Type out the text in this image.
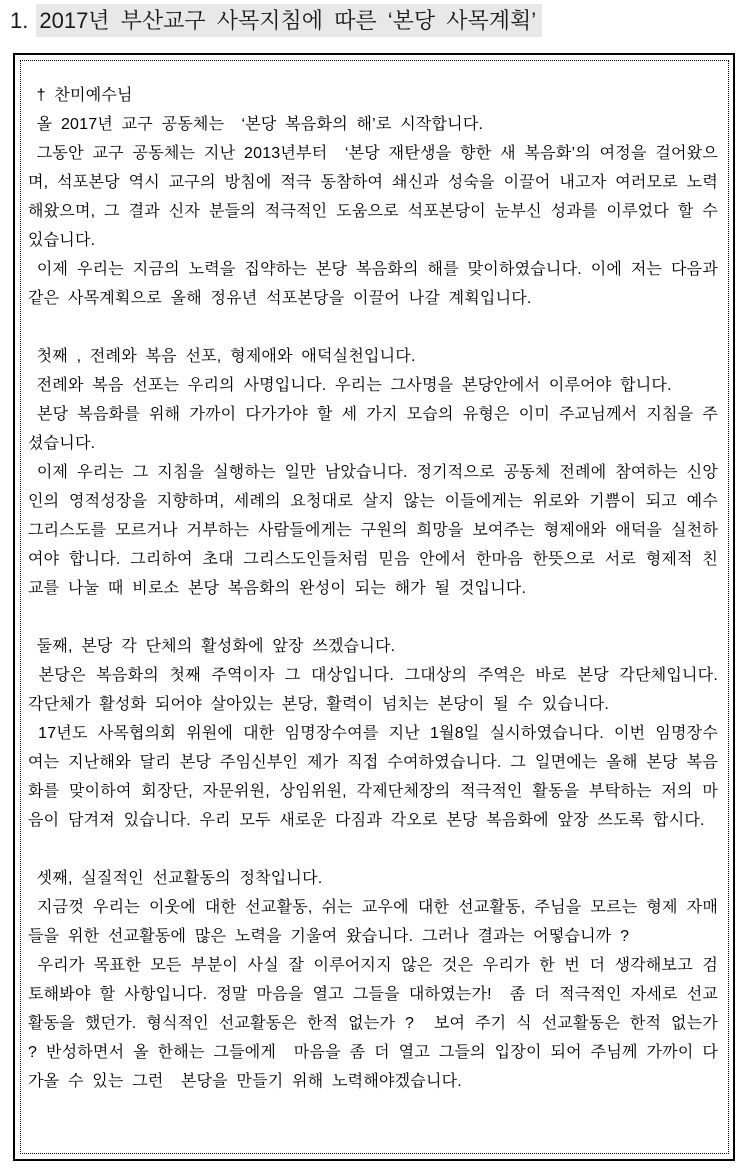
1. 2017년 부산교구 사목지침에 따른 ‘본당 사목계획’

† 찬미예수님

올 2017년 교구 공동체는  ‘본당 복음화의 해’로 시작합니다.

그동안 교구 공동체는 지난 2013년부터  ‘본당 재탄생을 향한 새 복음화’의 여정을 걸어왔으며, 석포본당 역시 교구의 방침에 적극 동참하여 쇄신과 성숙을 이끌어 내고자 여러모로 노력해왔으며, 그 결과 신자 분들의 적극적인 도움으로 석포본당이 눈부신 성과를 이루었다 할 수 있습니다.

이제 우리는 지금의 노력을 집약하는 본당 복음화의 해를 맞이하였습니다. 이에 저는 다음과 같은 사목계획으로 올해 정유년 석포본당을 이끌어 나갈 계획입니다.

첫째 , 전례와 복음 선포, 형제애와 애덕실천입니다.

전례와 복음 선포는 우리의 사명입니다. 우리는 그사명을 본당안에서 이루어야 합니다.

본당 복음화를 위해 가까이 다가가야 할 세 가지 모습의 유형은 이미 주교님께서 지침을 주셨습니다.

이제 우리는 그 지침을 실행하는 일만 남았습니다. 정기적으로 공동체 전례에 참여하는 신앙인의 영적성장을 지향하며, 세례의 요청대로 살지 않는 이들에게는 위로와 기쁨이 되고 예수그리스도를 모르거나 거부하는 사람들에게는 구원의 희망을 보여주는 형제애와 애덕을 실천하여야 합니다. 그리하여 초대 그리스도인들처럼 믿음 안에서 한마음 한뜻으로 서로 형제적 친교를 나눌 때 비로소 본당 복음화의 완성이 되는 해가 될 것입니다.

둘째, 본당 각 단체의 활성화에 앞장 쓰겠습니다.

본당은 복음화의 첫째 주역이자 그 대상입니다. 그대상의 주역은 바로 본당 각단체입니다. 각단체가 활성화 되어야 살아있는 본당, 활력이 넘치는 본당이 될 수 있습니다.

17년도 사목협의회 위원에 대한 임명장수여를 지난 1월8일 실시하였습니다. 이번 임명장수여는 지난해와 달리 본당 주임신부인 제가 직접 수여하였습니다. 그 일면에는 올해 본당 복음화를 맞이하여 회장단, 자문위원, 상임위원, 각제단체장의 적극적인 활동을 부탁하는 저의 마음이 담겨져 있습니다. 우리 모두 새로운 다짐과 각오로 본당 복음화에 앞장 쓰도록 합시다.

셋째, 실질적인 선교활동의 정착입니다.

지금껏 우리는 이웃에 대한 선교활동, 쉬는 교우에 대한 선교활동, 주님을 모르는 형제 자매들을 위한 선교활동에 많은 노력을 기울여 왔습니다. 그러나 결과는 어떻습니까 ?

우리가 목표한 모든 부분이 사실 잘 이루어지지 않은 것은 우리가 한 번 더 생각해보고 검토해봐야 할 사항입니다. 정말 마음을 열고 그들을 대하였는가!  좀 더 적극적인 자세로 선교활동을 했던가. 형식적인 선교활동은 한적 없는가 ?  보여 주기 식 선교활동은 한적 없는가 ? 반성하면서 올 한해는 그들에게  마음을 좀 더 열고 그들의 입장이 되어 주님께 가까이 다가올 수 있는 그런  본당을 만들기 위해 노력해야겠습니다.
